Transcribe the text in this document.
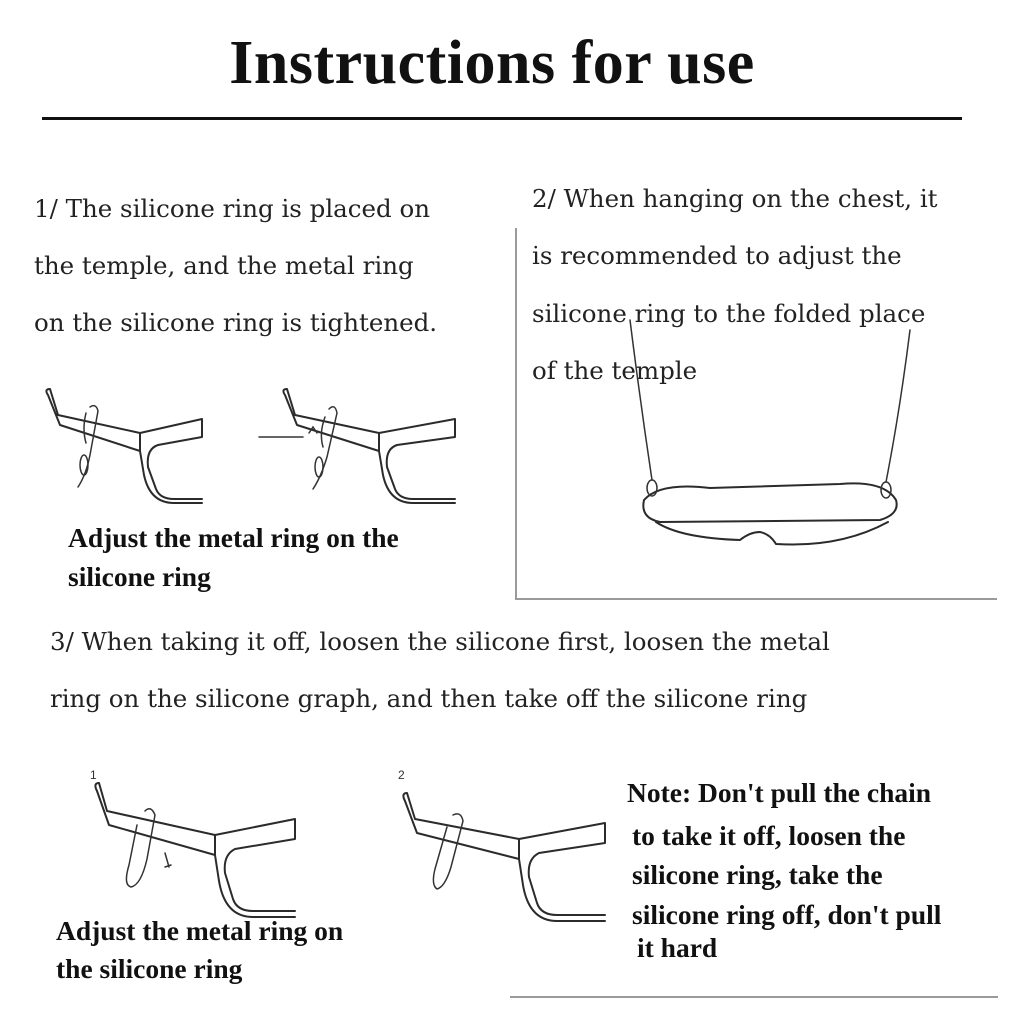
Instructions for use
1/ The silicone ring is placed on
the temple, and the metal ring
on the silicone ring is tightened.
Adjust the metal ring on the
silicone ring
2/ When hanging on the chest, it
is recommended to adjust the
silicone ring to the folded place
of the temple
3/ When taking it off, loosen the silicone first, loosen the metal
ring on the silicone graph, and then take off the silicone ring
1	2
Adjust the metal ring on
the silicone ring
Note: Don't pull the chain
to take it off, loosen the
silicone ring, take the
silicone ring off, don't pull
it hard
